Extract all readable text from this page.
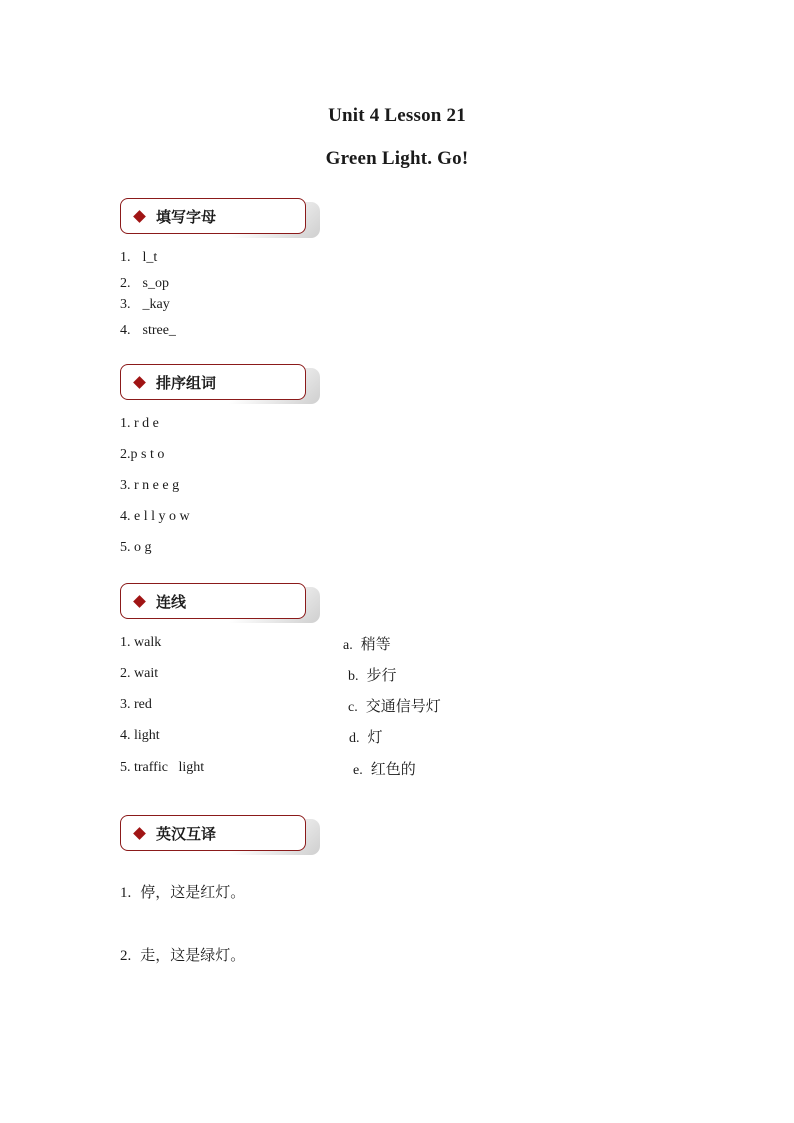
Unit 4 Lesson 21
Green Light. Go!
填写字母
1. l_t
2. s_op
3. _kay
4. stree_
排序组词
1. r d e
2.p s t o
3. r n e e g
4. e l l y o w
5. o g
连线
1. walk
2. wait
3. red
4. light
5. traffic   light
a. 稍等
b. 步行
c. 交通信号灯
d. 灯
e. 红色的
英汉互译
1. 停，这是红灯。
2. 走，这是绿灯。
